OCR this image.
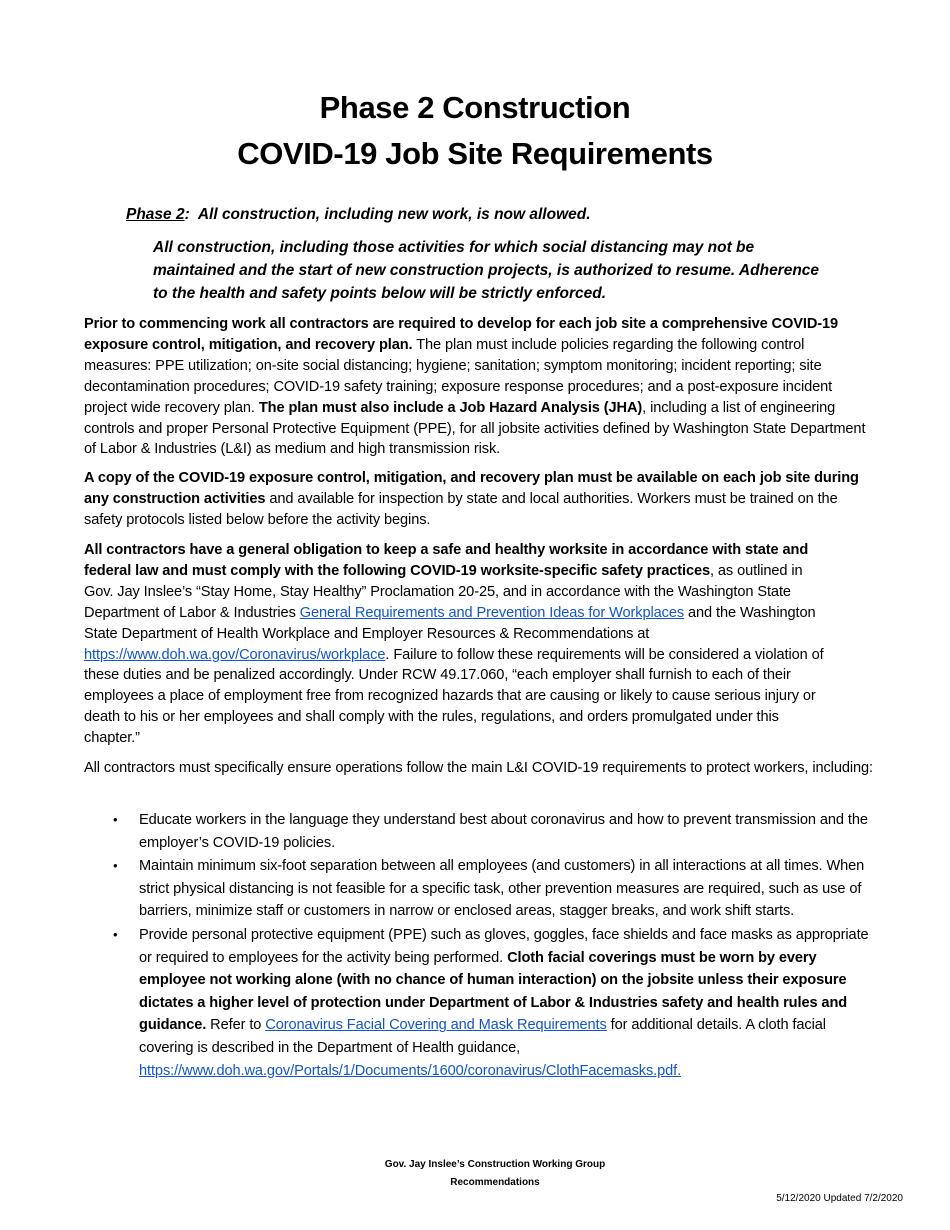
Phase 2 Construction
COVID-19 Job Site Requirements
Phase 2: All construction, including new work, is now allowed.
All construction, including those activities for which social distancing may not be maintained and the start of new construction projects, is authorized to resume. Adherence to the health and safety points below will be strictly enforced.
Prior to commencing work all contractors are required to develop for each job site a comprehensive COVID-19 exposure control, mitigation, and recovery plan. The plan must include policies regarding the following control measures: PPE utilization; on-site social distancing; hygiene; sanitation; symptom monitoring; incident reporting; site decontamination procedures; COVID-19 safety training; exposure response procedures; and a post-exposure incident project wide recovery plan. The plan must also include a Job Hazard Analysis (JHA), including a list of engineering controls and proper Personal Protective Equipment (PPE), for all jobsite activities defined by Washington State Department of Labor & Industries (L&I) as medium and high transmission risk.
A copy of the COVID-19 exposure control, mitigation, and recovery plan must be available on each job site during any construction activities and available for inspection by state and local authorities. Workers must be trained on the safety protocols listed below before the activity begins.
All contractors have a general obligation to keep a safe and healthy worksite in accordance with state and federal law and must comply with the following COVID-19 worksite-specific safety practices, as outlined in Gov. Jay Inslee’s “Stay Home, Stay Healthy” Proclamation 20-25, and in accordance with the Washington State Department of Labor & Industries General Requirements and Prevention Ideas for Workplaces and the Washington State Department of Health Workplace and Employer Resources & Recommendations at https://www.doh.wa.gov/Coronavirus/workplace. Failure to follow these requirements will be considered a violation of these duties and be penalized accordingly. Under RCW 49.17.060, “each employer shall furnish to each of their employees a place of employment free from recognized hazards that are causing or likely to cause serious injury or death to his or her employees and shall comply with the rules, regulations, and orders promulgated under this chapter.”
All contractors must specifically ensure operations follow the main L&I COVID-19 requirements to protect workers, including:
• Educate workers in the language they understand best about coronavirus and how to prevent transmission and the employer’s COVID-19 policies.
• Maintain minimum six-foot separation between all employees (and customers) in all interactions at all times. When strict physical distancing is not feasible for a specific task, other prevention measures are required, such as use of barriers, minimize staff or customers in narrow or enclosed areas, stagger breaks, and work shift starts.
• Provide personal protective equipment (PPE) such as gloves, goggles, face shields and face masks as appropriate or required to employees for the activity being performed. Cloth facial coverings must be worn by every employee not working alone (with no chance of human interaction) on the jobsite unless their exposure dictates a higher level of protection under Department of Labor & Industries safety and health rules and guidance. Refer to Coronavirus Facial Covering and Mask Requirements for additional details. A cloth facial covering is described in the Department of Health guidance, https://www.doh.wa.gov/Portals/1/Documents/1600/coronavirus/ClothFacemasks.pdf.
Gov. Jay Inslee’s Construction Working Group
Recommendations
5/12/2020 Updated 7/2/2020
